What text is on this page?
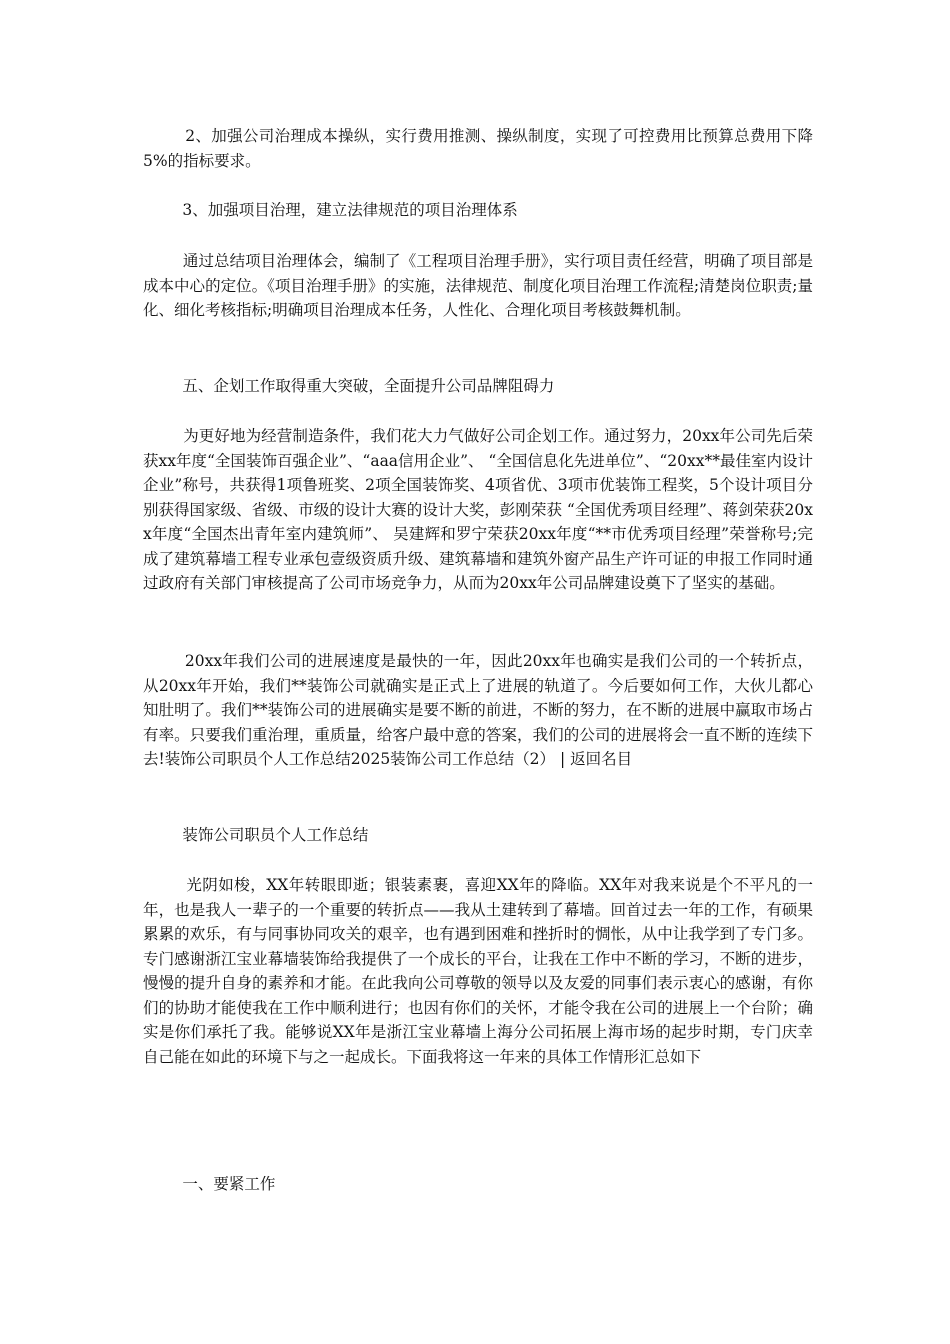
2、加强公司治理成本操纵，实行费用推测、操纵制度，实现了可控费用比预算总费用下降5%的指标要求。

3、加强项目治理，建立法律规范的项目治理体系

通过总结项目治理体会，编制了《工程项目治理手册》，实行项目责任经营，明确了项目部是成本中心的定位。《项目治理手册》的实施，法律规范、制度化项目治理工作流程;清楚岗位职责;量化、细化考核指标;明确项目治理成本任务，人性化、合理化项目考核鼓舞机制。

五、企划工作取得重大突破，全面提升公司品牌阻碍力

为更好地为经营制造条件，我们花大力气做好公司企划工作。通过努力，20xx年公司先后荣获xx年度“全国装饰百强企业”、“aaa信用企业”、 “全国信息化先进单位”、“20xx**最佳室内设计企业”称号，共获得1项鲁班奖、2项全国装饰奖、4项省优、3项市优装饰工程奖，5个设计项目分别获得国家级、省级、市级的设计大赛的设计大奖，彭刚荣获 “全国优秀项目经理”、蒋剑荣获20xx年度“全国杰出青年室内建筑师”、 吴建辉和罗宁荣获20xx年度“**市优秀项目经理”荣誉称号;完成了建筑幕墙工程专业承包壹级资质升级、建筑幕墙和建筑外窗产品生产许可证的申报工作同时通过政府有关部门审核提高了公司市场竞争力，从而为20xx年公司品牌建设奠下了坚实的基础。

20xx年我们公司的进展速度是最快的一年，因此20xx年也确实是我们公司的一个转折点，从20xx年开始，我们**装饰公司就确实是正式上了进展的轨道了。今后要如何工作，大伙儿都心知肚明了。我们**装饰公司的进展确实是要不断的前进，不断的努力，在不断的进展中赢取市场占有率。只要我们重治理，重质量，给客户最中意的答案，我们的公司的进展将会一直不断的连续下去!装饰公司职员个人工作总结2025装饰公司工作总结（2） | 返回名目

装饰公司职员个人工作总结

光阴如梭，XX年转眼即逝；银装素裹，喜迎XX年的降临。XX年对我来说是个不平凡的一年，也是我人一辈子的一个重要的转折点——我从土建转到了幕墙。回首过去一年的工作，有硕果累累的欢乐，有与同事协同攻关的艰辛，也有遇到困难和挫折时的惆怅，从中让我学到了专门多。专门感谢浙江宝业幕墙装饰给我提供了一个成长的平台，让我在工作中不断的学习，不断的进步，慢慢的提升自身的素养和才能。在此我向公司尊敬的领导以及友爱的同事们表示衷心的感谢，有你们的协助才能使我在工作中顺利进行；也因有你们的关怀，才能令我在公司的进展上一个台阶；确实是你们承托了我。能够说XX年是浙江宝业幕墙上海分公司拓展上海市场的起步时期，专门庆幸自己能在如此的环境下与之一起成长。下面我将这一年来的具体工作情形汇总如下

一、要紧工作
